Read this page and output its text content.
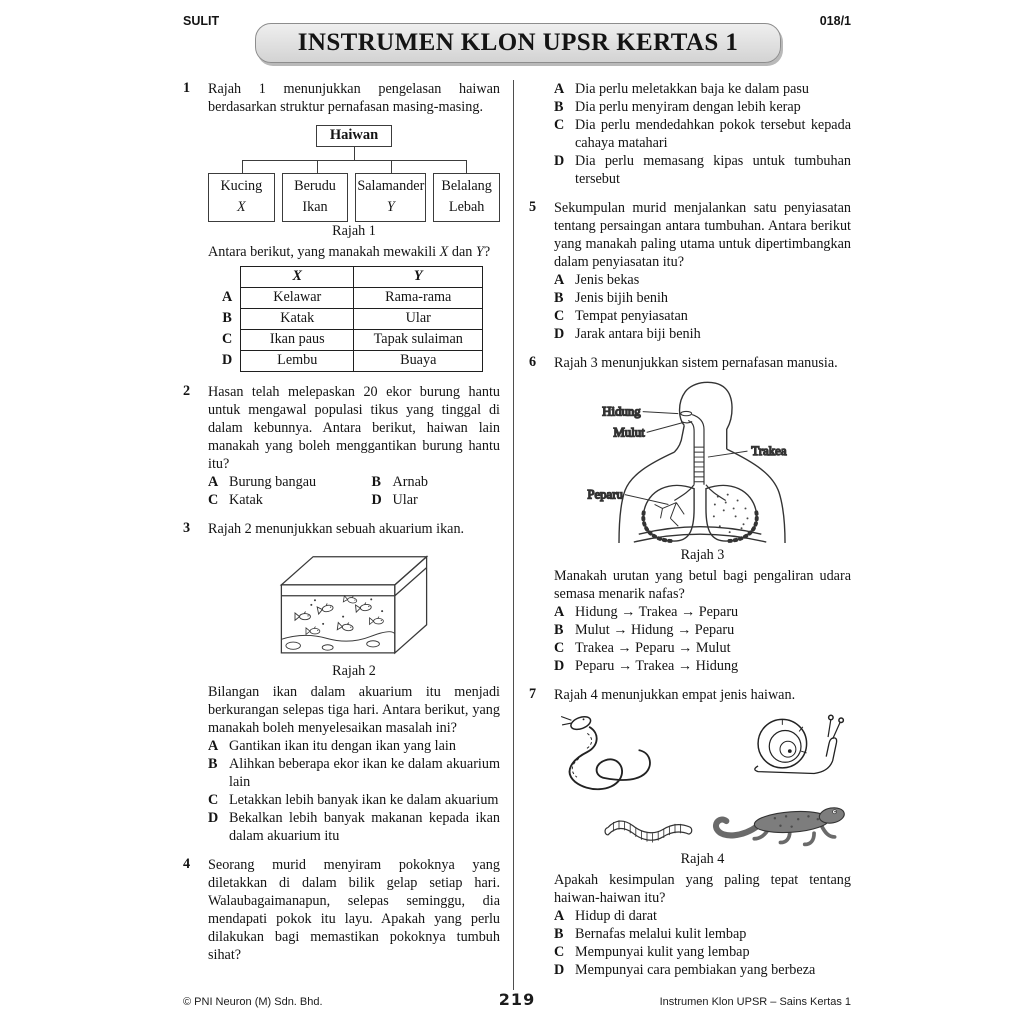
SULIT	018/1
INSTRUMEN KLON UPSR KERTAS 1
1	Rajah 1 menunjukkan pengelasan haiwan berdasarkan struktur pernafasan masing-masing.

Haiwan
Kucing
X
Berudu
Ikan
Salamander
Y
Belalang
Lebah
Rajah 1

Antara berikut, yang manakah mewakili X dan Y?

	X	Y
A	Kelawar	Rama-rama
B	Katak	Ular
C	Ikan paus	Tapak sulaiman
D	Lembu	Buaya
2	Hasan telah melepaskan 20 ekor burung hantu untuk mengawal populasi tikus yang tinggal di dalam kebunnya. Antara berikut, haiwan lain manakah yang boleh menggantikan burung hantu itu?

A Burung bangau	B Arnab
C Katak	D Ular
3	Rajah 2 menunjukkan sebuah akuarium ikan.

Rajah 2

Bilangan ikan dalam akuarium itu menjadi berkurangan selepas tiga hari. Antara berikut, yang manakah boleh menyelesaikan masalah ini?

A Gantikan ikan itu dengan ikan yang lain
B Alihkan beberapa ekor ikan ke dalam akuarium lain
C Letakkan lebih banyak ikan ke dalam akuarium
D Bekalkan lebih banyak makanan kepada ikan dalam akuarium itu
4	Seorang murid menyiram pokoknya yang diletakkan di dalam bilik gelap setiap hari. Walaubagaimanapun, selepas seminggu, dia mendapati pokok itu layu. Apakah yang perlu dilakukan bagi memastikan pokoknya tumbuh sihat?

A Dia perlu meletakkan baja ke dalam pasu
B Dia perlu menyiram dengan lebih kerap
C Dia perlu mendedahkan pokok tersebut kepada cahaya matahari
D Dia perlu memasang kipas untuk tumbuhan tersebut
5	Sekumpulan murid menjalankan satu penyiasatan tentang persaingan antara tumbuhan. Antara berikut yang manakah paling utama untuk dipertimbangkan dalam penyiasatan itu?

A Jenis bekas
B Jenis bijih benih
C Tempat penyiasatan
D Jarak antara biji benih
6	Rajah 3 menunjukkan sistem pernafasan manusia.

Hidung
Mulut
Trakea
Peparu
Rajah 3

Manakah urutan yang betul bagi pengaliran udara semasa menarik nafas?

A Hidung → Trakea → Peparu
B Mulut → Hidung → Peparu
C Trakea → Peparu → Mulut
D Peparu → Trakea → Hidung
7	Rajah 4 menunjukkan empat jenis haiwan.

Rajah 4

Apakah kesimpulan yang paling tepat tentang haiwan-haiwan itu?

A Hidup di darat
B Bernafas melalui kulit lembap
C Mempunyai kulit yang lembap
D Mempunyai cara pembiakan yang berbeza
© PNI Neuron (M) Sdn. Bhd.	219	Instrumen Klon UPSR – Sains Kertas 1
